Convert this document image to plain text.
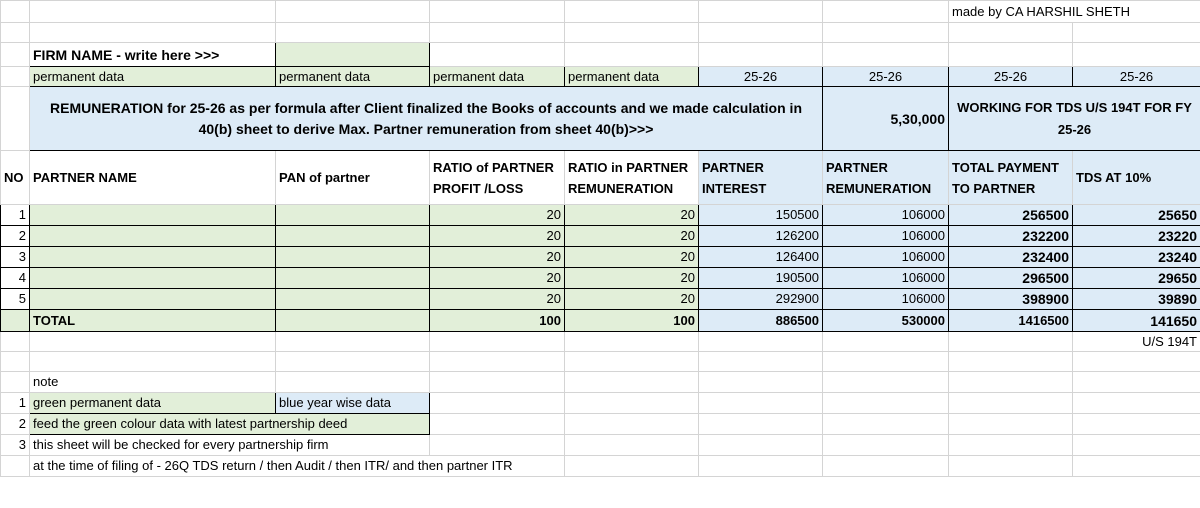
							made by CA HARSHIL SHETH	

	FIRM NAME - write here >>>							
	permanent data	permanent data	permanent data	permanent data	25-26	25-26	25-26	25-26
	REMUNERATION for 25-26 as per formula after Client finalized the Books of accounts and we made calculation in 40(b) sheet to derive Max. Partner remuneration from sheet 40(b)>>>					5,30,000	WORKING FOR TDS U/S 194T FOR FY 25-26	
NO	PARTNER NAME	PAN of partner	RATIO of PARTNER PROFIT /LOSS	RATIO in PARTNER REMUNERATION	PARTNER INTEREST	PARTNER REMUNERATION	TOTAL PAYMENT TO PARTNER	TDS AT 10%
1			20	20	150500	106000	256500	25650
2			20	20	126200	106000	232200	23220
3			20	20	126400	106000	232400	23240
4			20	20	190500	106000	296500	29650
5			20	20	292900	106000	398900	39890
	TOTAL		100	100	886500	530000	1416500	141650
								U/S 194T

	note							
1	green permanent data	blue year wise data						
2	feed the green colour data with latest partnership deed							
3	this sheet will be checked for every partnership firm							
	at the time of filing of - 26Q TDS return / then Audit / then ITR/ and then partner ITR							
